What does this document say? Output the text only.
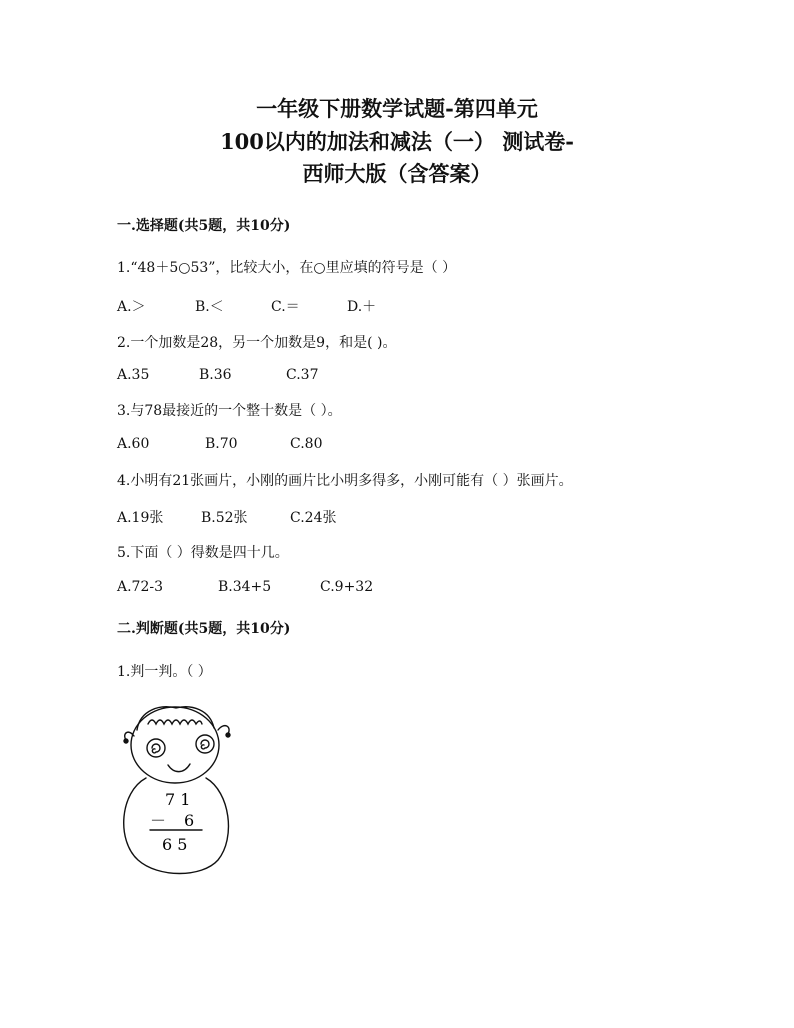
一年级下册数学试题-第四单元
100以内的加法和减法（一） 测试卷-
西师大版（含答案）
一.选择题(共5题，共10分)
1.“48＋5○53”，比较大小，在○里应填的符号是（ ）
A.＞	B.＜	C.＝	D.＋
2.一个加数是28，另一个加数是9，和是( )。
A.35	B.36	C.37
3.与78最接近的一个整十数是（ ）。
A.60	B.70	C.80
4.小明有21张画片，小刚的画片比小明多得多，小刚可能有（ ）张画片。
A.19张	B.52张	C.24张
5.下面（ ）得数是四十几。
A.72-3	B.34+5	C.9+32
二.判断题(共5题，共10分)
1.判一判。（ ）
7 1
－ 6
6 5
